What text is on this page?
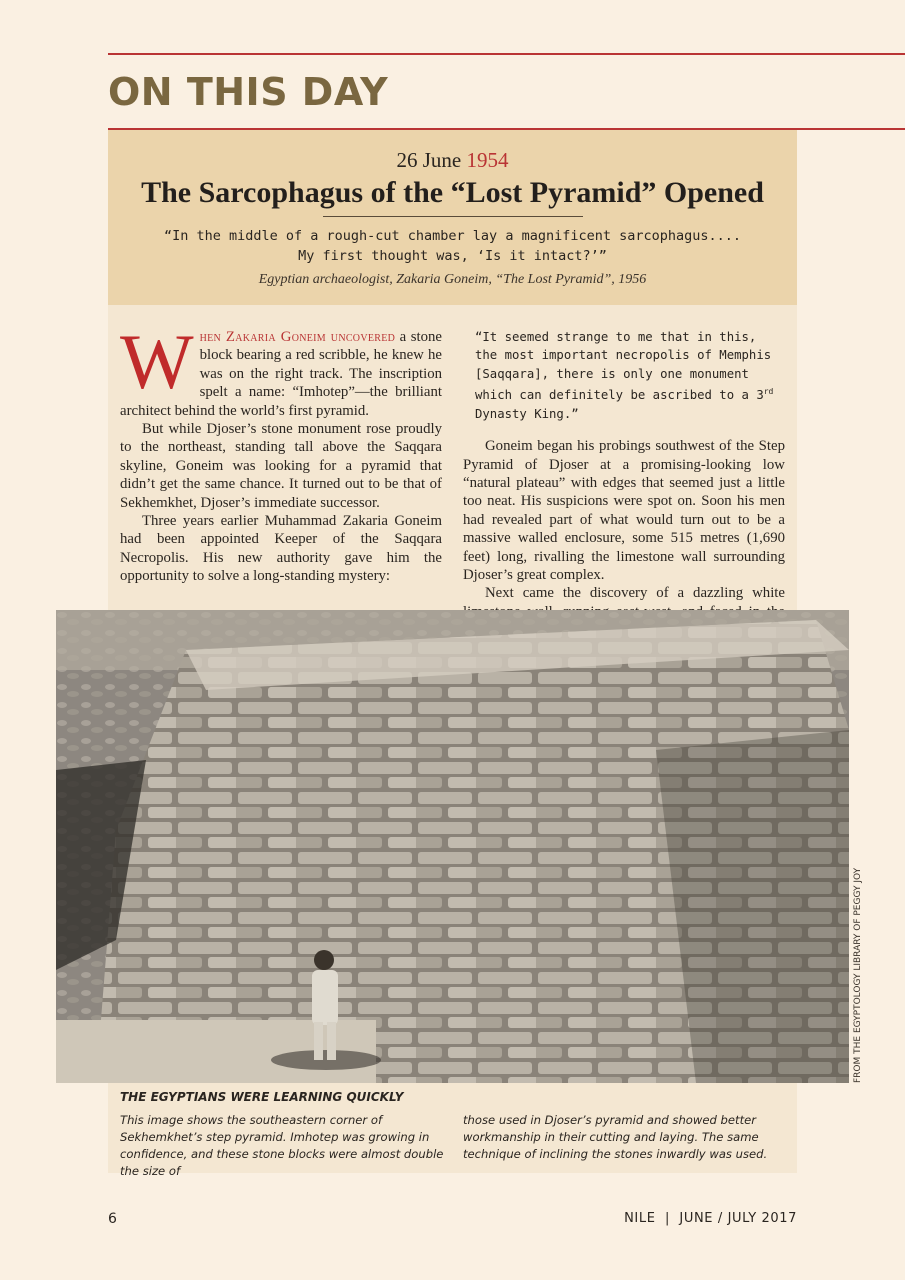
ON THIS DAY
26 June 1954
The Sarcophagus of the “Lost Pyramid” Opened
“In the middle of a rough-cut chamber lay a magnificent sarcophagus....
My first thought was, ‘Is it intact?’”
Egyptian archaeologist, Zakaria Goneim, “The Lost Pyramid”, 1956

When Zakaria Goneim uncovered a stone block bearing a red scribble, he knew he was on the right track. The inscription spelt a name: “Imhotep”—the brilliant architect behind the world’s first pyramid.

But while Djoser’s stone monument rose proudly to the northeast, standing tall above the Saqqara skyline, Goneim was looking for a pyramid that didn’t get the same chance. It turned out to be that of Sekhemkhet, Djoser’s immediate successor.

Three years earlier Muhammad Zakaria Goneim had been appointed Keeper of the Saqqara Necropolis. His new authority gave him the opportunity to solve a long-standing mystery:

“It seemed strange to me that in this, the most important necropolis of Memphis [Saqqara], there is only one monument which can definitely be ascribed to a 3rd Dynasty King.”

Goneim began his probings southwest of the Step Pyramid of Djoser at a promising-looking low “natural plateau” with edges that seemed just a little too neat. His suspicions were spot on. Soon his men had revealed part of what would turn out to be a massive walled enclosure, some 515 metres (1,690 feet) long, rivalling the limestone wall surrounding Djoser’s great complex.

Next came the discovery of a dazzling white

FROM THE EGYPTOLOGY LIBRARY OF PEGGY JOY
THE EGYPTIANS WERE LEARNING QUICKLY
This image shows the southeastern corner of Sekhemkhet’s step pyramid. Imhotep was growing in confidence, and these stone blocks were almost double the size of
those used in Djoser’s pyramid and showed better workmanship in their cutting and laying. The same technique of inclining the stones inwardly was used.
6	NILE  |  JUNE / JULY 2017
